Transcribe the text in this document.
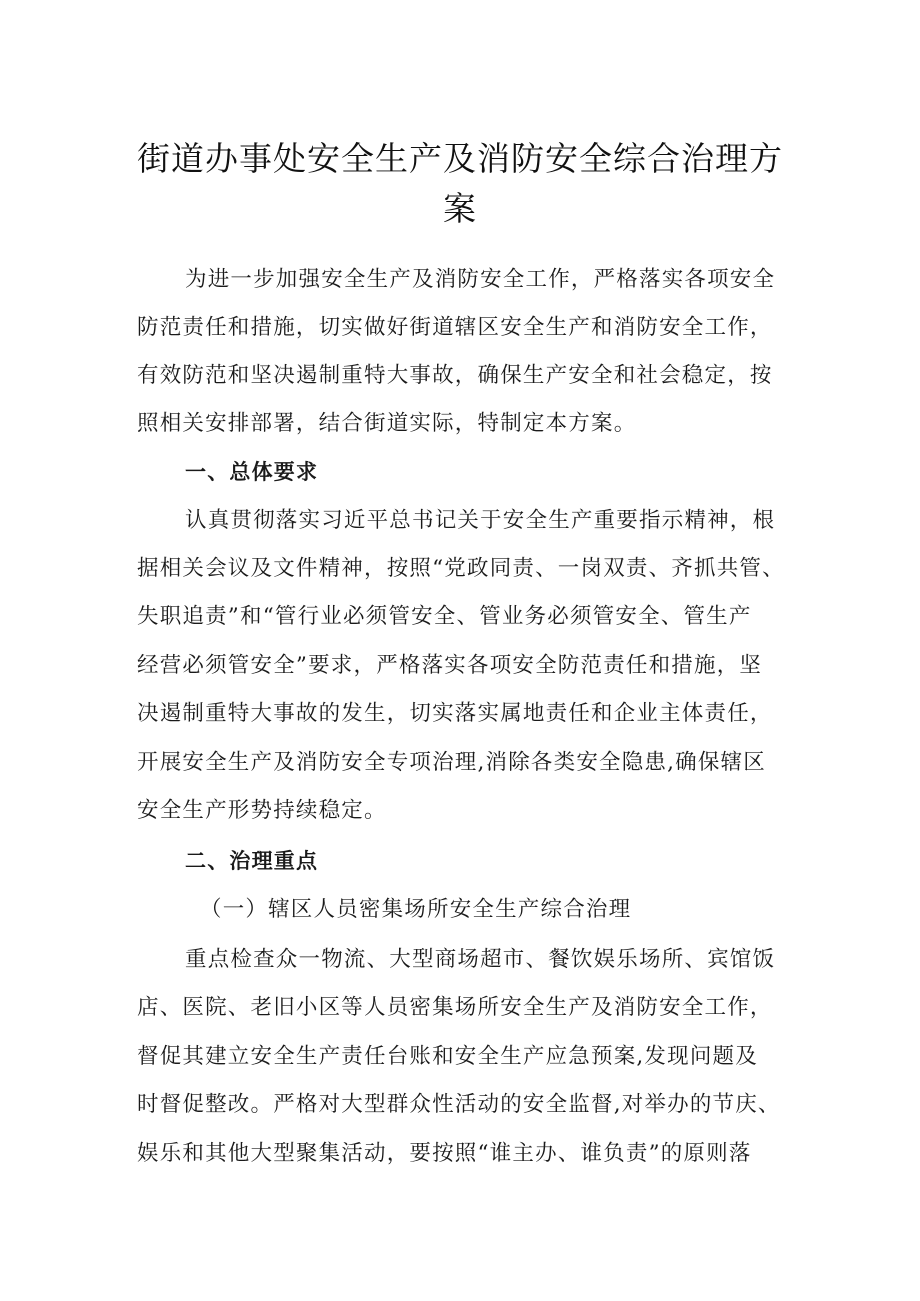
街道办事处安全生产及消防安全综合治理方
案
为进一步加强安全生产及消防安全工作，严格落实各项安全
防范责任和措施，切实做好街道辖区安全生产和消防安全工作，
有效防范和坚决遏制重特大事故，确保生产安全和社会稳定，按
照相关安排部署，结合街道实际，特制定本方案。
一、总体要求
认真贯彻落实习近平总书记关于安全生产重要指示精神，根
据相关会议及文件精神，按照“党政同责、一岗双责、齐抓共管、
失职追责”和“管行业必须管安全、管业务必须管安全、管生产
经营必须管安全”要求，严格落实各项安全防范责任和措施，坚
决遏制重特大事故的发生，切实落实属地责任和企业主体责任，
开展安全生产及消防安全专项治理,消除各类安全隐患,确保辖区
安全生产形势持续稳定。
二、治理重点
（一）辖区人员密集场所安全生产综合治理
重点检查众一物流、大型商场超市、餐饮娱乐场所、宾馆饭
店、医院、老旧小区等人员密集场所安全生产及消防安全工作，
督促其建立安全生产责任台账和安全生产应急预案,发现问题及
时督促整改。严格对大型群众性活动的安全监督,对举办的节庆、
娱乐和其他大型聚集活动，要按照“谁主办、谁负责”的原则落
